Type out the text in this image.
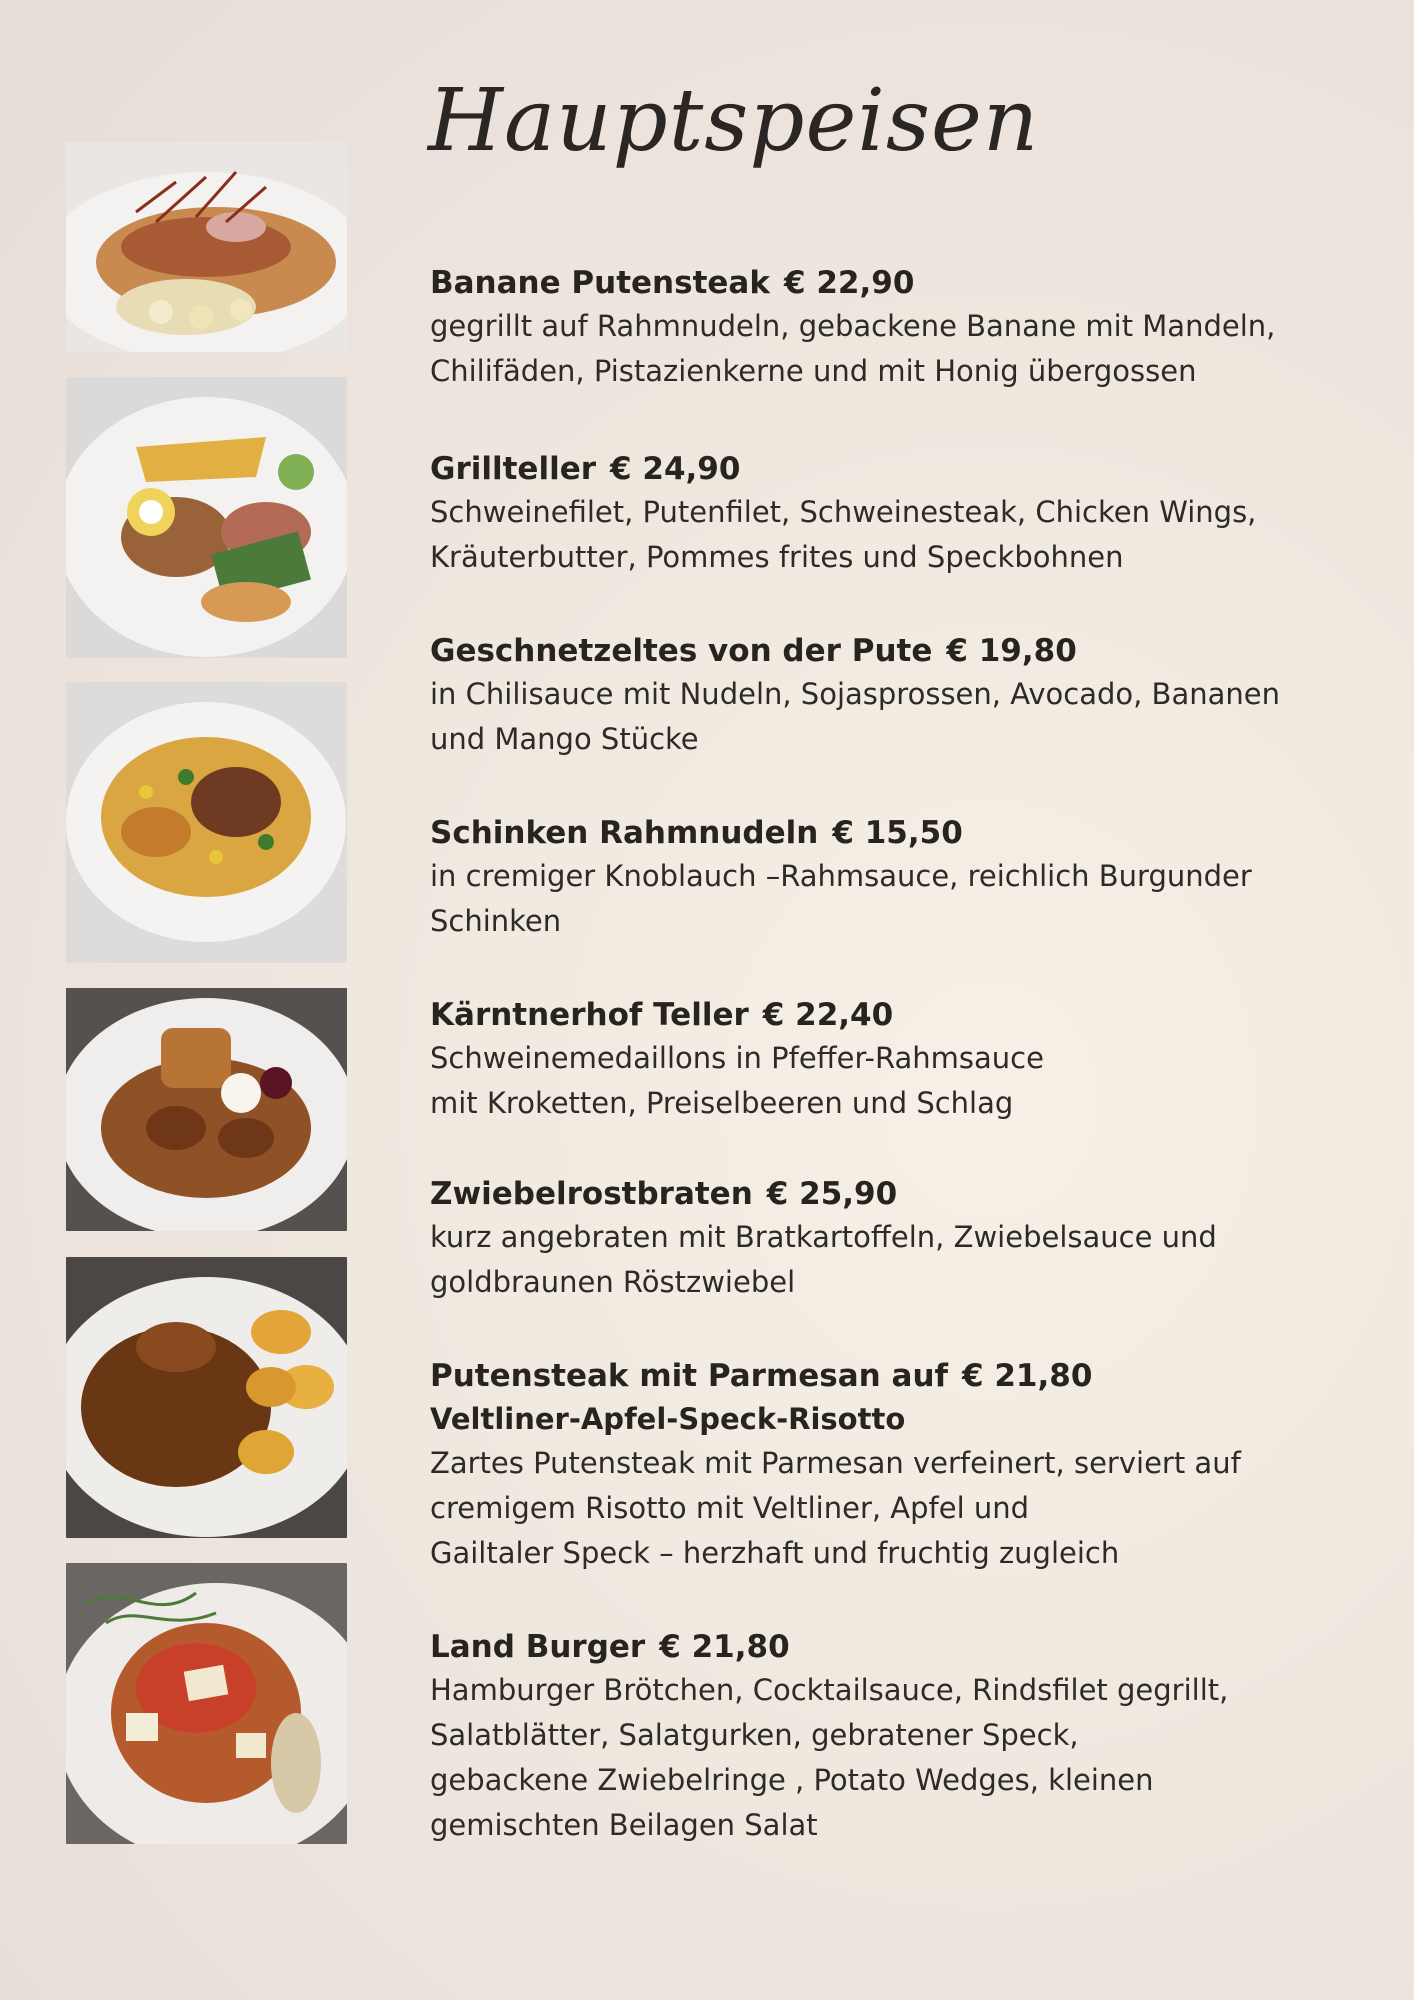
Hauptspeisen
Banane Putensteak € 22,90
gegrillt auf Rahmnudeln, gebackene Banane mit Mandeln,
Chilifäden, Pistazienkerne und mit Honig übergossen
Grillteller € 24,90
Schweinefilet, Putenfilet, Schweinesteak, Chicken Wings,
Kräuterbutter, Pommes frites und Speckbohnen
Geschnetzeltes von der Pute € 19,80
in Chilisauce mit Nudeln, Sojasprossen, Avocado, Bananen
und Mango Stücke
Schinken Rahmnudeln € 15,50
in cremiger Knoblauch –Rahmsauce, reichlich Burgunder
Schinken
Kärntnerhof Teller € 22,40
Schweinemedaillons in Pfeffer-Rahmsauce
mit Kroketten, Preiselbeeren und Schlag
Zwiebelrostbraten € 25,90
kurz angebraten mit Bratkartoffeln, Zwiebelsauce und
goldbraunen Röstzwiebel
Putensteak mit Parmesan auf € 21,80
Veltliner-Apfel-Speck-Risotto
Zartes Putensteak mit Parmesan verfeinert, serviert auf
cremigem Risotto mit Veltliner, Apfel und
Gailtaler Speck – herzhaft und fruchtig zugleich
Land Burger € 21,80
Hamburger Brötchen, Cocktailsauce, Rindsfilet gegrillt,
Salatblätter, Salatgurken, gebratener Speck,
gebackene Zwiebelringe , Potato Wedges, kleinen
gemischten Beilagen Salat
